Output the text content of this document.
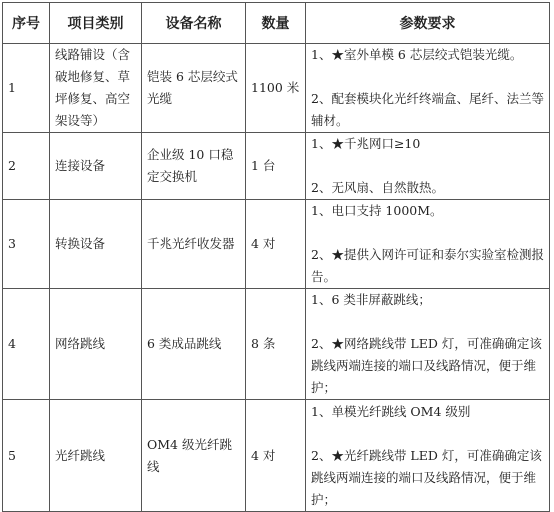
序号	项目类别	设备名称	数量	参数要求
1	线路铺设（含破地修复、草坪修复、高空架设等）	铠装 6 芯层绞式光缆	1100 米	1、★室外单模 6 芯层绞式铠装光缆。

2、配套模块化光纤终端盒、尾纤、法兰等辅材。

2	连接设备	企业级 10 口稳定交换机	1 台	1、★千兆网口≥10

2、无风扇、自然散热。

3	转换设备	千兆光纤收发器	4 对	1、电口支持 1000M。

2、★提供入网许可证和泰尔实验室检测报告。

4	网络跳线	6 类成品跳线	8 条	1、6 类非屏蔽跳线；

2、★网络跳线带 LED 灯，可准确确定该跳线两端连接的端口及线路情况，便于维护；

5	光纤跳线	OM4 级光纤跳线	4 对	1、单模光纤跳线 OM4 级别

2、★光纤跳线带 LED 灯，可准确确定该跳线两端连接的端口及线路情况，便于维护；
